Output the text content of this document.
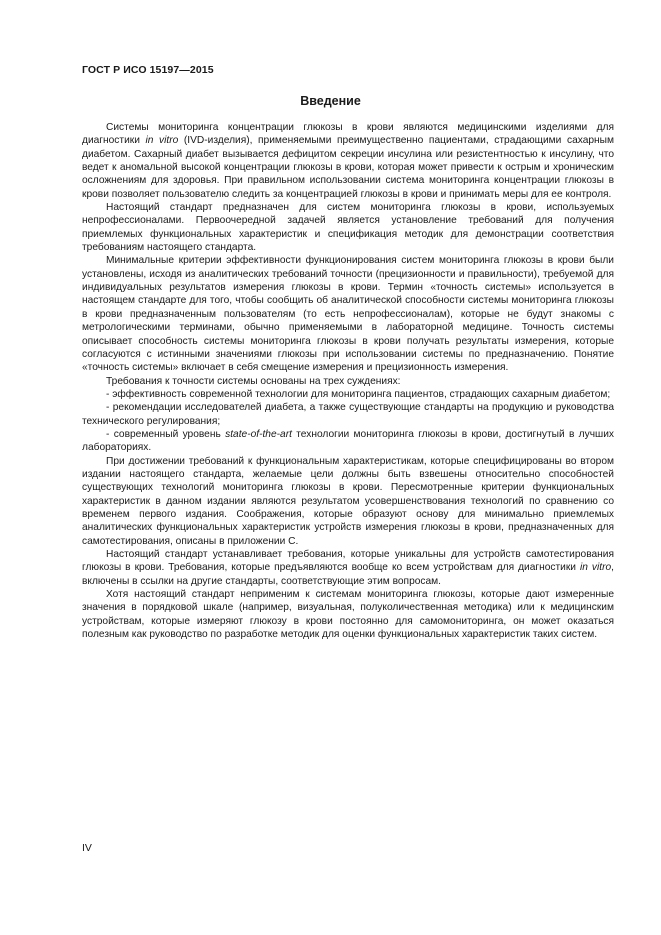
ГОСТ Р ИСО 15197—2015
Введение

Системы мониторинга концентрации глюкозы в крови являются медицинскими изделиями для диагностики in vitro (IVD-изделия), применяемыми преимущественно пациентами, страдающими сахарным диабетом. Сахарный диабет вызывается дефицитом секреции инсулина или резистентностью к инсулину, что ведет к аномальной высокой концентрации глюкозы в крови, которая может привести к острым и хроническим осложнениям для здоровья. При правильном использовании система мониторинга концентрации глюкозы в крови позволяет пользователю следить за концентрацией глюкозы в крови и принимать меры для ее контроля.

Настоящий стандарт предназначен для систем мониторинга глюкозы в крови, используемых непрофессионалами. Первоочередной задачей является установление требований для получения приемлемых функциональных характеристик и спецификация методик для демонстрации соответствия требованиям настоящего стандарта.

Минимальные критерии эффективности функционирования систем мониторинга глюкозы в крови были установлены, исходя из аналитических требований точности (прецизионности и правильности), требуемой для индивидуальных результатов измерения глюкозы в крови. Термин «точность системы» используется в настоящем стандарте для того, чтобы сообщить об аналитической способности системы мониторинга глюкозы в крови предназначенным пользователям (то есть непрофессионалам), которые не будут знакомы с метрологическими терминами, обычно применяемыми в лабораторной медицине. Точность системы описывает способность системы мониторинга глюкозы в крови получать результаты измерения, которые согласуются с истинными значениями глюкозы при использовании системы по предназначению. Понятие «точность системы» включает в себя смещение измерения и прецизионность измерения.

Требования к точности системы основаны на трех суждениях:

- эффективность современной технологии для мониторинга пациентов, страдающих сахарным диабетом;

- рекомендации исследователей диабета, а также существующие стандарты на продукцию и руководства технического регулирования;

- современный уровень state-of-the-art технологии мониторинга глюкозы в крови, достигнутый в лучших лабораториях.

При достижении требований к функциональным характеристикам, которые специфицированы во втором издании настоящего стандарта, желаемые цели должны быть взвешены относительно способностей существующих технологий мониторинга глюкозы в крови. Пересмотренные критерии функциональных характеристик в данном издании являются результатом усовершенствования технологий по сравнению со временем первого издания. Соображения, которые образуют основу для минимально приемлемых аналитических функциональных характеристик устройств измерения глюкозы в крови, предназначенных для самотестирования, описаны в приложении С.

Настоящий стандарт устанавливает требования, которые уникальны для устройств самотестирования глюкозы в крови. Требования, которые предъявляются вообще ко всем устройствам для диагностики in vitro, включены в ссылки на другие стандарты, соответствующие этим вопросам.

Хотя настоящий стандарт неприменим к системам мониторинга глюкозы, которые дают измеренные значения в порядковой шкале (например, визуальная, полуколичественная методика) или к медицинским устройствам, которые измеряют глюкозу в крови постоянно для самомониторинга, он может оказаться полезным как руководство по разработке методик для оценки функциональных характеристик таких систем.

IV
